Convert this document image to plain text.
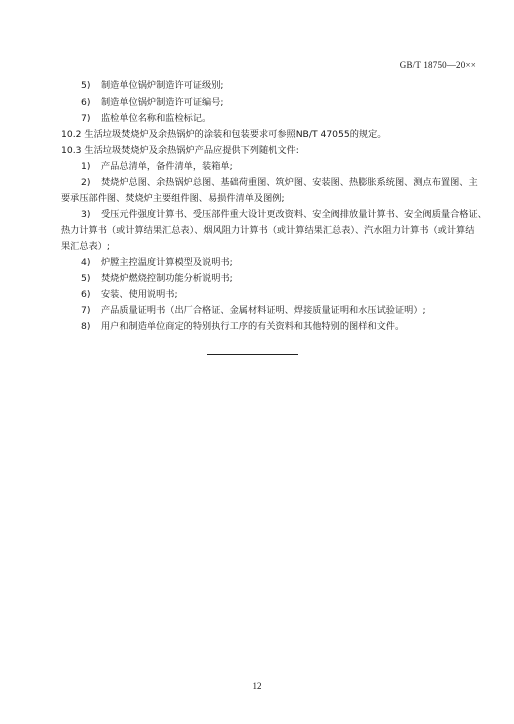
GB/T 18750—20××
5) 制造单位锅炉制造许可证级别;
6) 制造单位锅炉制造许可证编号;
7) 监检单位名称和监检标记。
10.2 生活垃圾焚烧炉及余热锅炉的涂装和包装要求可参照NB/T 47055的规定。
10.3 生活垃圾焚烧炉及余热锅炉产品应提供下列随机文件:
1) 产品总清单，备件清单，装箱单;
2) 焚烧炉总图、余热锅炉总图、基础荷重图、筑炉图、安装图、热膨胀系统图、测点布置图、主
要承压部件图、焚烧炉主要组件图、易损件清单及图例;
3) 受压元件强度计算书、受压部件重大设计更改资料、安全阀排放量计算书、安全阀质量合格证、
热力计算书（或计算结果汇总表）、烟风阻力计算书（或计算结果汇总表）、汽水阻力计算书（或计算结
果汇总表）;
4) 炉膛主控温度计算模型及说明书;
5) 焚烧炉燃烧控制功能分析说明书;
6) 安装、使用说明书;
7) 产品质量证明书（出厂合格证、金属材料证明、焊接质量证明和水压试验证明）;
8) 用户和制造单位商定的特别执行工序的有关资料和其他特别的图样和文件。
12
